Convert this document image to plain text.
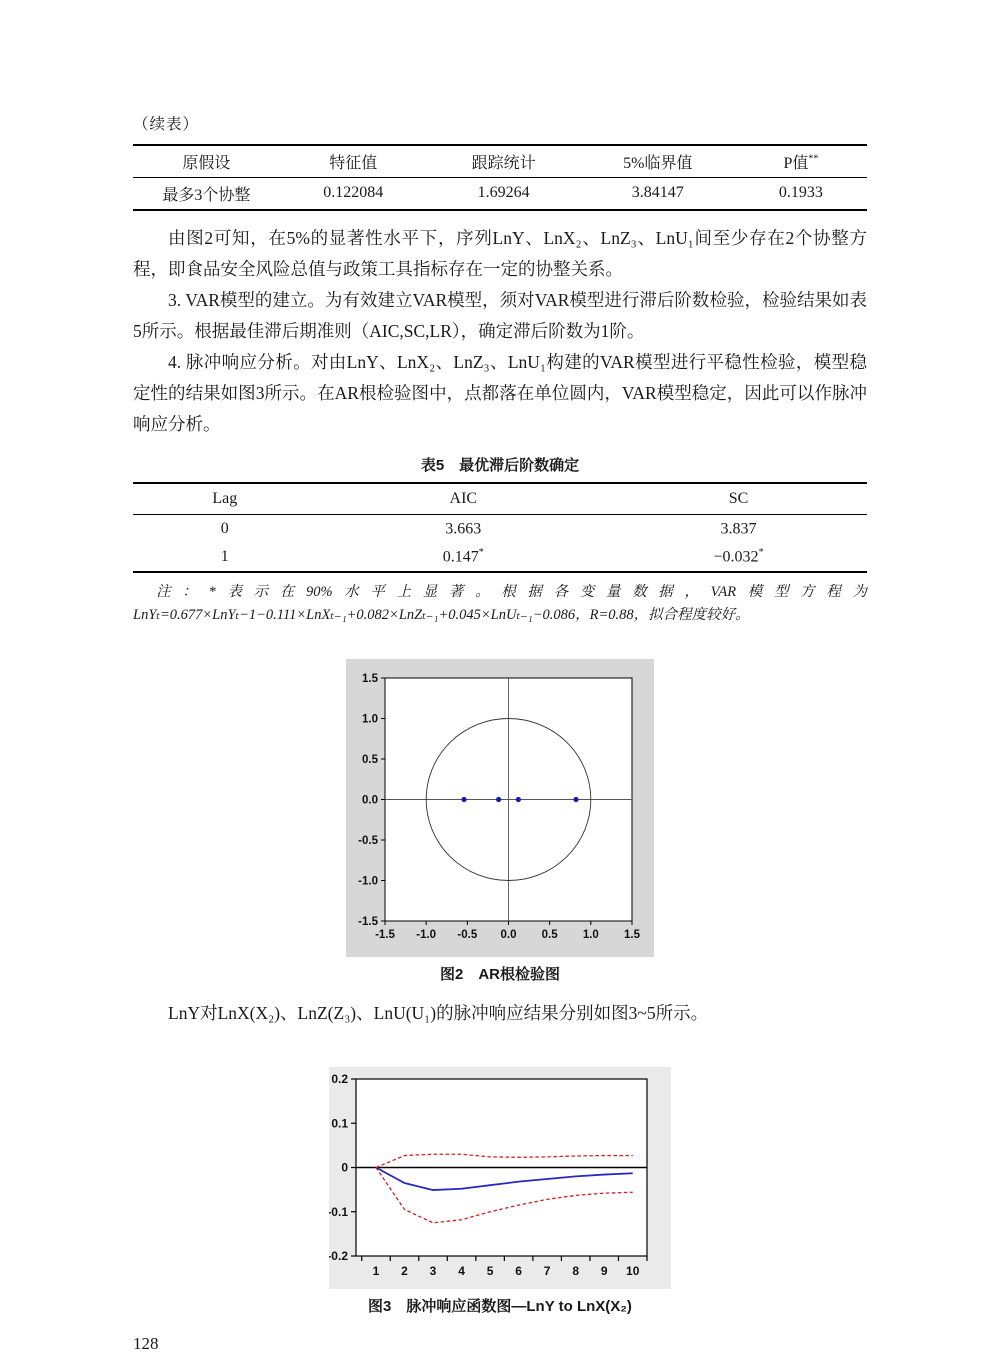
（续表）
原假设	特征值	跟踪统计	5%临界值	P值**
最多3个协整	0.122084	1.69264	3.84147	0.1933

由图2可知，在5%的显著性水平下，序列LnY、LnX₂、LnZ₃、LnU₁间至少存在2个协整方程，即食品安全风险总值与政策工具指标存在一定的协整关系。

3. VAR模型的建立。为有效建立VAR模型，须对VAR模型进行滞后阶数检验，检验结果如表5所示。根据最佳滞后期准则（AIC,SC,LR），确定滞后阶数为1阶。

4. 脉冲响应分析。对由LnY、LnX₂、LnZ₃、LnU₁构建的VAR模型进行平稳性检验，模型稳定性的结果如图3所示。在AR根检验图中，点都落在单位圆内，VAR模型稳定，因此可以作脉冲响应分析。

表5　最优滞后阶数确定
Lag	AIC	SC
0	3.663	3.837
1	0.147*	−0.032*
注：*表示在90%水平上显著。根据各变量数据，VAR模型方程为LnYₜ=0.677×LnYₜ−1−0.111×LnXₜ₋₁+0.082×LnZₜ₋₁+0.045×LnUₜ₋₁−0.086，R=0.88，拟合程度较好。
-1.5 -1.0 -0.5 0.0 0.5 1.0 1.5
1.5
1.0
0.5
0.0
-0.5
-1.0
-1.5
图2　AR根检验图

LnY对LnX(X₂)、LnZ(Z₃)、LnU(U₁)的脉冲响应结果分别如图3~5所示。

0.2
0.1
0
-0.1
-0.2
1 2 3 4 5 6 7 8 9 10
图3　脉冲响应函数图—LnY to LnX(X₂)
128
